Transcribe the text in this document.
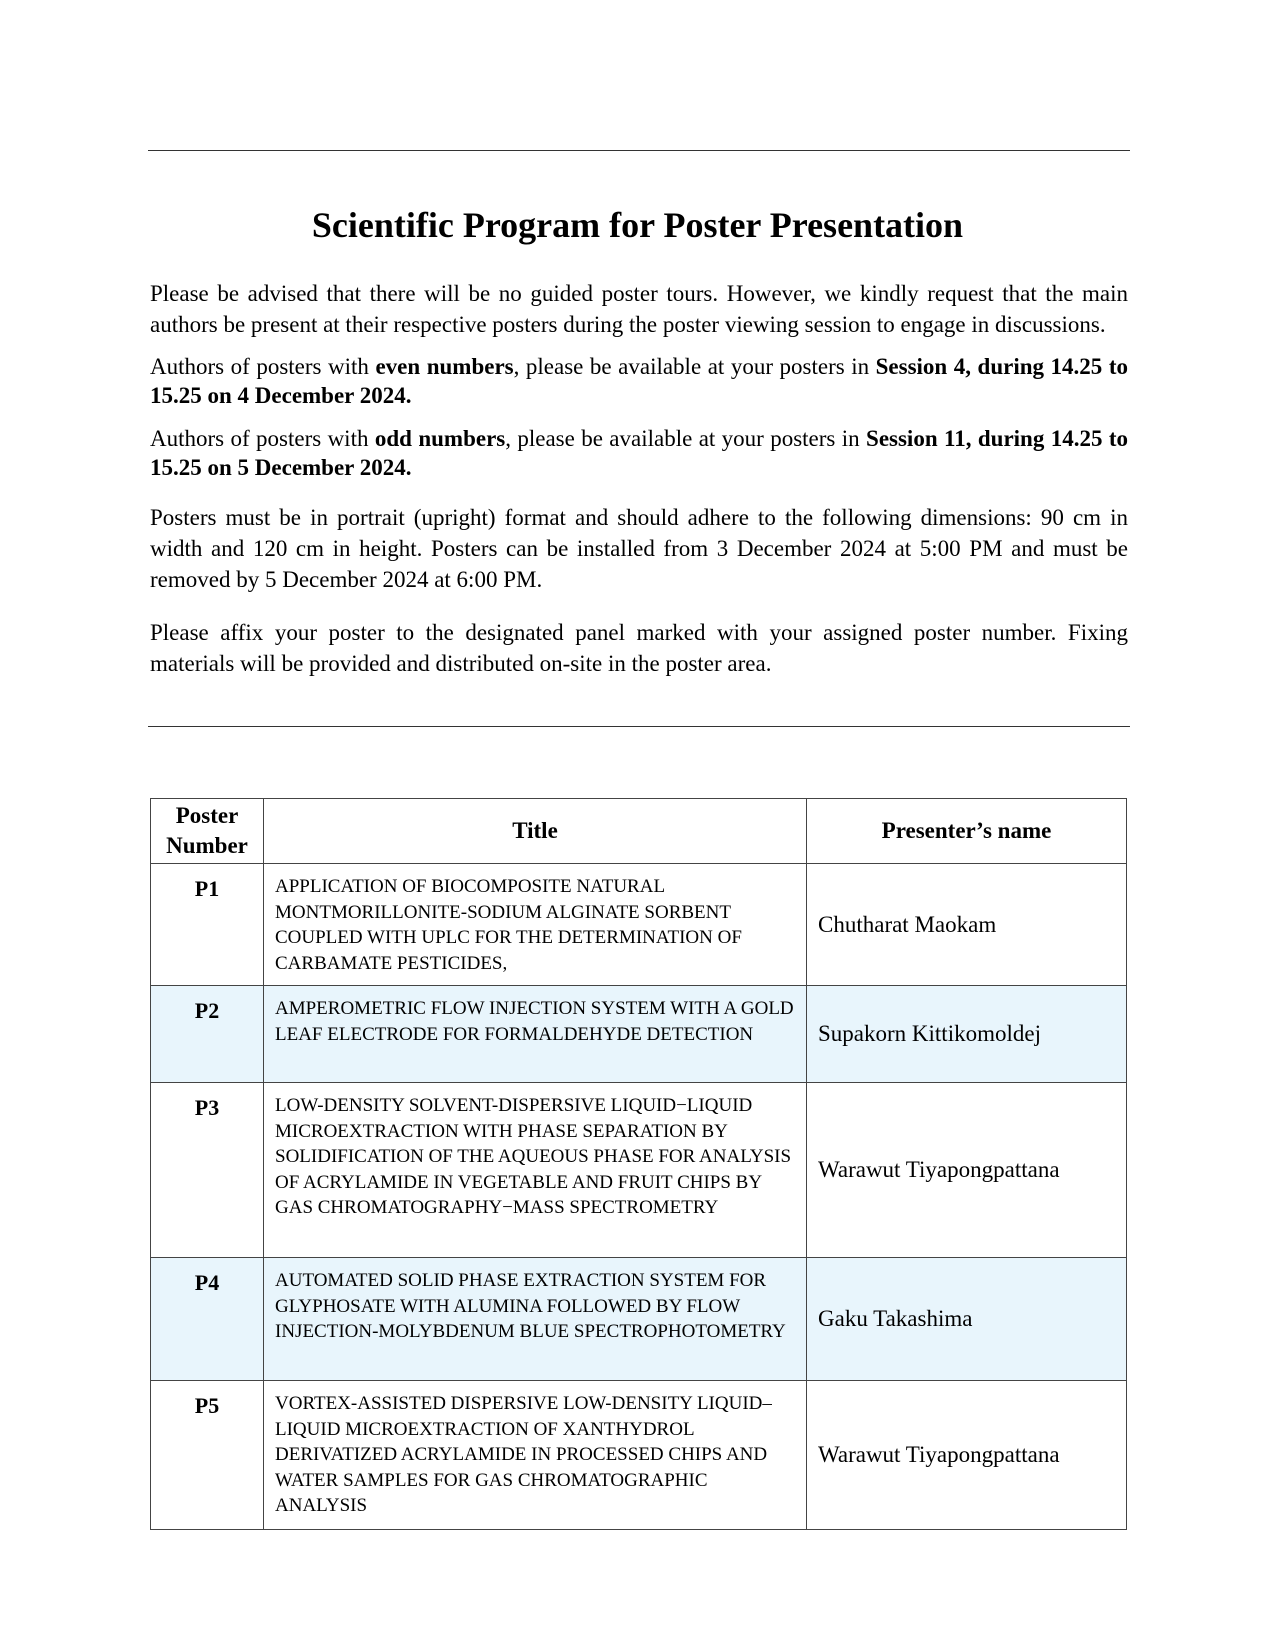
Scientific Program for Poster Presentation

Please be advised that there will be no guided poster tours. However, we kindly request that the main authors be present at their respective posters during the poster viewing session to engage in discussions.

Authors of posters with even numbers, please be available at your posters in Session 4, during 14.25 to 15.25 on 4 December 2024.

Authors of posters with odd numbers, please be available at your posters in Session 11, during 14.25 to 15.25 on 5 December 2024.

Posters must be in portrait (upright) format and should adhere to the following dimensions: 90 cm in width and 120 cm in height. Posters can be installed from 3 December 2024 at 5:00 PM and must be removed by 5 December 2024 at 6:00 PM.

Please affix your poster to the designated panel marked with your assigned poster number. Fixing materials will be provided and distributed on-site in the poster area.

Poster
Number	Title	Presenter’s name
P1	APPLICATION OF BIOCOMPOSITE NATURAL MONTMORILLONITE-SODIUM ALGINATE SORBENT COUPLED WITH UPLC FOR THE DETERMINATION OF CARBAMATE PESTICIDES,	Chutharat Maokam
P2	AMPEROMETRIC FLOW INJECTION SYSTEM WITH A GOLD LEAF ELECTRODE FOR FORMALDEHYDE DETECTION	Supakorn Kittikomoldej
P3	LOW-DENSITY SOLVENT-DISPERSIVE LIQUID−LIQUID MICROEXTRACTION WITH PHASE SEPARATION BY SOLIDIFICATION OF THE AQUEOUS PHASE FOR ANALYSIS OF ACRYLAMIDE IN VEGETABLE AND FRUIT CHIPS BY GAS CHROMATOGRAPHY−MASS SPECTROMETRY	Warawut Tiyapongpattana
P4	AUTOMATED SOLID PHASE EXTRACTION SYSTEM FOR GLYPHOSATE WITH ALUMINA FOLLOWED BY FLOW INJECTION-MOLYBDENUM BLUE SPECTROPHOTOMETRY	Gaku Takashima
P5	VORTEX-ASSISTED DISPERSIVE LOW-DENSITY LIQUID–LIQUID MICROEXTRACTION OF XANTHYDROL DERIVATIZED ACRYLAMIDE IN PROCESSED CHIPS AND WATER SAMPLES FOR GAS CHROMATOGRAPHIC ANALYSIS	Warawut Tiyapongpattana
